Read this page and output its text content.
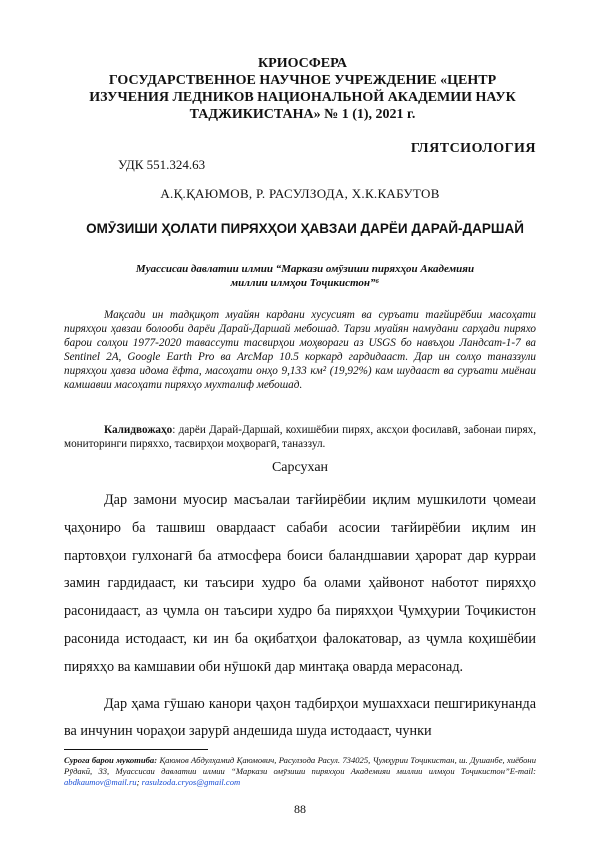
КРИОСФЕРА
ГОСУДАРСТВЕННОЕ НАУЧНОЕ УЧРЕЖДЕНИЕ «ЦЕНТР ИЗУЧЕНИЯ ЛЕДНИКОВ НАЦИОНАЛЬНОЙ АКАДЕМИИ НАУК ТАДЖИКИСТАНА» № 1 (1), 2021 г.
ГЛЯТСИОЛОГИЯ
УДК 551.324.63
А.Қ.ҚАЮМОВ, Р. РАСУЛЗОДА, Х.К.КАБУТОВ
ОМӮЗИШИ ҲОЛАТИ ПИРЯХҲОИ ҲАВЗАИ ДАРЁИ ДАРАЙ-ДАРШАЙ
Муассисаи давлатии илмии “Маркази омӯзиши пиряхҳои Академияи миллии илмҳои Тоҷикистон”⁶

Мақсади ин тадқиқот муайян кардани хусусият ва суръати тағйирёбии масоҳати пиряхҳои ҳавзаи болооби дарёи Дарай-Даршай мебошад. Тарзи муайян намудани сарҳади пиряхо барои солҳои 1977-2020 тавассути тасвирҳои моҳвораги аз USGS бо навъҳои Ландсат-1-7 ва Sentinel 2A, Google Earth Pro ва ArcMap 10.5 коркард гардидааст. Дар ин солҳо таназзули пиряхҳои ҳавза идома ёфта, масоҳати онҳо 9,133 км² (19,92%) кам шудааст ва суръати миёнаи камшавии масоҳати пиряхҳо мухталиф мебошад.

Калидвожаҳо: дарёи Дарай-Даршай, кохишёбии пирях, аксҳои фосилавӣ, забонаи пирях, мониторинги пиряххо, тасвирҳои моҳворагӣ, таназзул.

Сарсухан

Дар замони муосир масъалаи тағйирёбии иқлим мушкилоти ҷомеаи ҷаҳониро ба ташвиш овардааст сабаби асосии тағйирёбии иқлим ин партовҳои гулхонагӣ ба атмосфера боиси баландшавии ҳарорат дар курраи замин гардидааст, ки таъсири худро ба олами ҳайвонот наботот пиряхҳо расонидааст, аз ҷумла он таъсири худро ба пиряхҳои Ҷумҳурии Тоҷикистон расонида истодааст, ки ин ба оқибатҳои фалокатовар, аз ҷумла коҳишёбии пиряхҳо ва камшавии оби нӯшокӣ дар минтақа оварда мерасонад.

Дар ҳама гӯшаю канори ҷаҳон тадбирҳои мушаххаси пешгирикунанда ва инчунин чораҳои зарурӣ андешида шуда истодааст, чунки

Сурога барои мукотиба: Қаюмов Абдулҳамид Қаюмович, Расулзода Расул. 734025, Ҷумҳурии Тоҷикистан, ш. Душанбе, хиёбони Рӯдакӣ, 33, Муассисаи давлатии илмии “Маркази омӯзиши пиряхҳои Академияи миллии илмҳои Тоҷикистон”E-mail: abdkaumov@mail.ru; rasulzoda.cryos@gmail.com
88
